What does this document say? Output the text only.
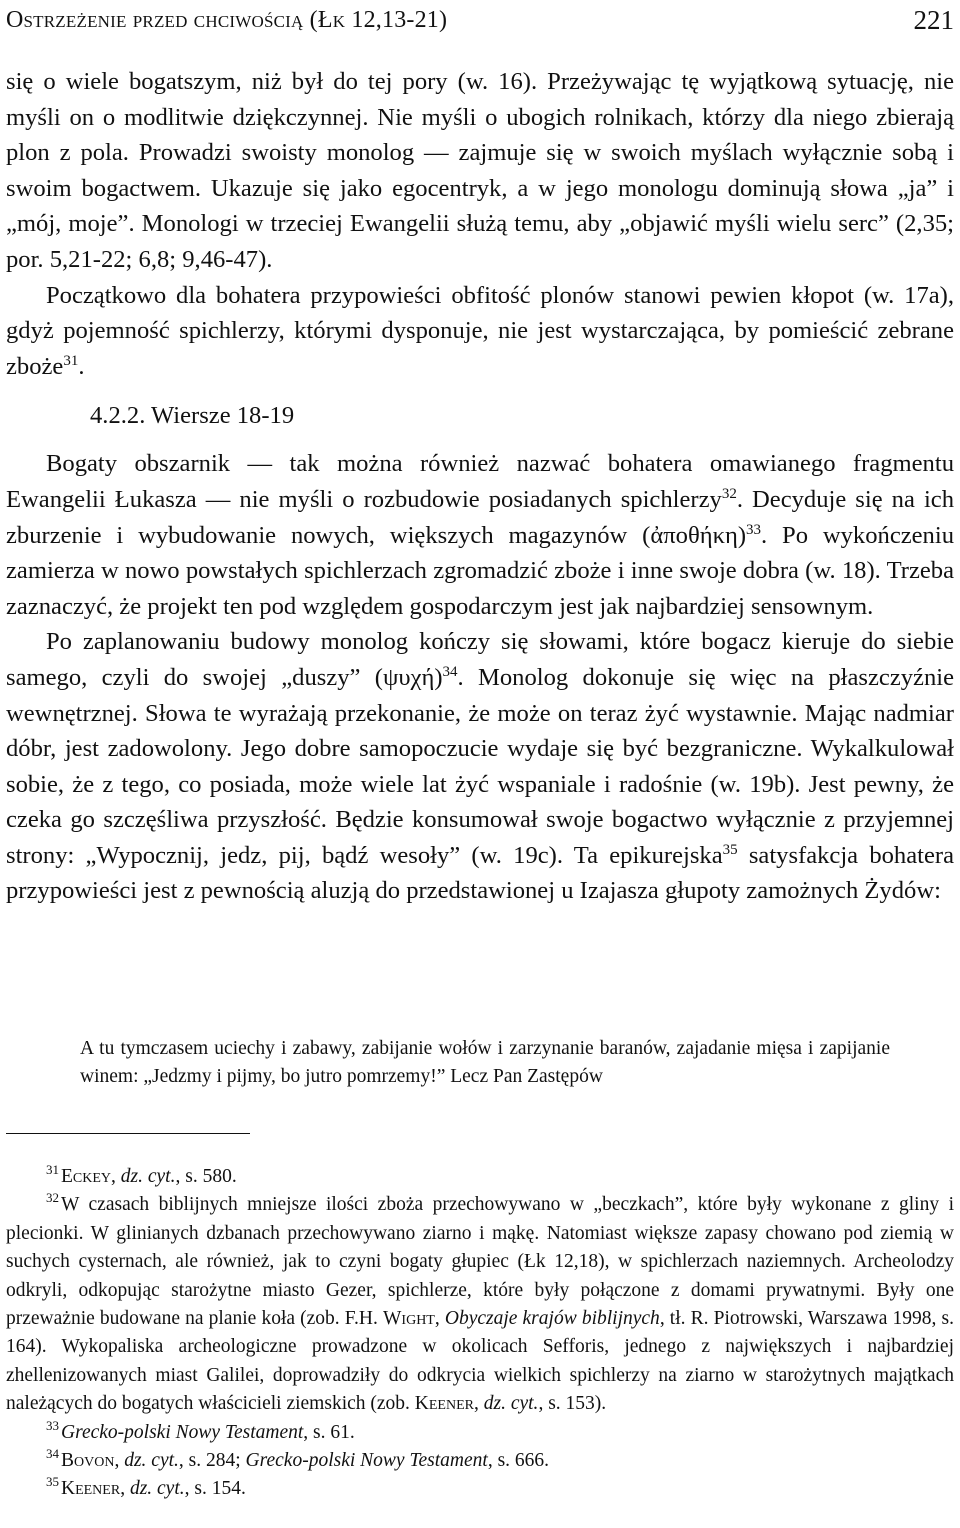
Ostrzeżenie przed chciwością (Łk 12,13-21)	221

się o wiele bogatszym, niż był do tej pory (w. 16). Przeżywając tę wyjątkową sytuację, nie myśli on o modlitwie dziękczynnej. Nie myśli o ubogich rolnikach, którzy dla niego zbierają plon z pola. Prowadzi swoisty monolog — zajmuje się w swoich myślach wyłącznie sobą i swoim bogactwem. Ukazuje się jako egocentryk, a w jego monologu dominują słowa „ja” i „mój, moje”. Monologi w trzeciej Ewangelii służą temu, aby „objawić myśli wielu serc” (2,35; por. 5,21-22; 6,8; 9,46-47).

Początkowo dla bohatera przypowieści obfitość plonów stanowi pewien kłopot (w. 17a), gdyż pojemność spichlerzy, którymi dysponuje, nie jest wystarczająca, by pomieścić zebrane zboże$^{31}$.

4.2.2. Wiersze 18-19

Bogaty obszarnik — tak można również nazwać bohatera omawianego fragmentu Ewangelii Łukasza — nie myśli o rozbudowie posiadanych spichlerzy$^{32}$. Decyduje się na ich zburzenie i wybudowanie nowych, większych magazynów (ἀποθήκη)$^{33}$. Po wykończeniu zamierza w nowo powstałych spichlerzach zgromadzić zboże i inne swoje dobra (w. 18). Trzeba zaznaczyć, że projekt ten pod względem gospodarczym jest jak najbardziej sensownym.

Po zaplanowaniu budowy monolog kończy się słowami, które bogacz kieruje do siebie samego, czyli do swojej „duszy” $(\psi\upsilon\chi ή)^{34}$. Monolog dokonuje się więc na płaszczyźnie wewnętrznej. Słowa te wyrażają przekonanie, że może on teraz żyć wystawnie. Mając nadmiar dóbr, jest zadowolony. Jego dobre samopoczucie wydaje się być bezgraniczne. Wykalkulował sobie, że z tego, co posiada, może wiele lat żyć wspaniale i radośnie (w. 19b). Jest pewny, że czeka go szczęśliwa przyszłość. Będzie konsumował swoje bogactwo wyłącznie z przyjemnej strony: „Wypocznij, jedz, pij, bądź wesoły” (w. 19c). Ta epikurejska$^{35}$ satysfakcja bohatera przypowieści jest z pewnością aluzją do przedstawionej u Izajasza głupoty zamożnych Żydów:

A tu tymczasem uciechy i zabawy, zabijanie wołów i zarzynanie baranów, zajadanie mięsa i zapijanie winem: „Jedzmy i pijmy, bo jutro pomrzemy!” Lecz Pan Zastępów

$^{31}$ Eckey, dz. cyt., s. 580.

$^{32}$ W czasach biblijnych mniejsze ilości zboża przechowywano w „beczkach”, które były wykonane z gliny i plecionki. W glinianych dzbanach przechowywano ziarno i mąkę. Natomiast większe zapasy chowano pod ziemią w suchych cysternach, ale również, jak to czyni bogaty głupiec (Łk 12,18), w spichlerzach naziemnych. Archeolodzy odkryli, odkopując starożytne miasto Gezer, spichlerze, które były połączone z domami prywatnymi. Były one przeważnie budowane na planie koła (zob. F.H. Wight, Obyczaje krajów biblijnych, tł. R. Piotrowski, Warszawa 1998, s. 164). Wykopaliska archeologiczne prowadzone w okolicach Sefforis, jednego z największych i najbardziej zhellenizowanych miast Galilei, doprowadziły do odkrycia wielkich spichlerzy na ziarno w starożytnych majątkach należących do bogatych właścicieli ziemskich (zob. Keener, dz. cyt., s. 153).

$^{33}$ Grecko-polski Nowy Testament, s. 61.

$^{34}$ Bovon, dz. cyt., s. 284; Grecko-polski Nowy Testament, s. 666.

$^{35}$ Keener, dz. cyt., s. 154.
